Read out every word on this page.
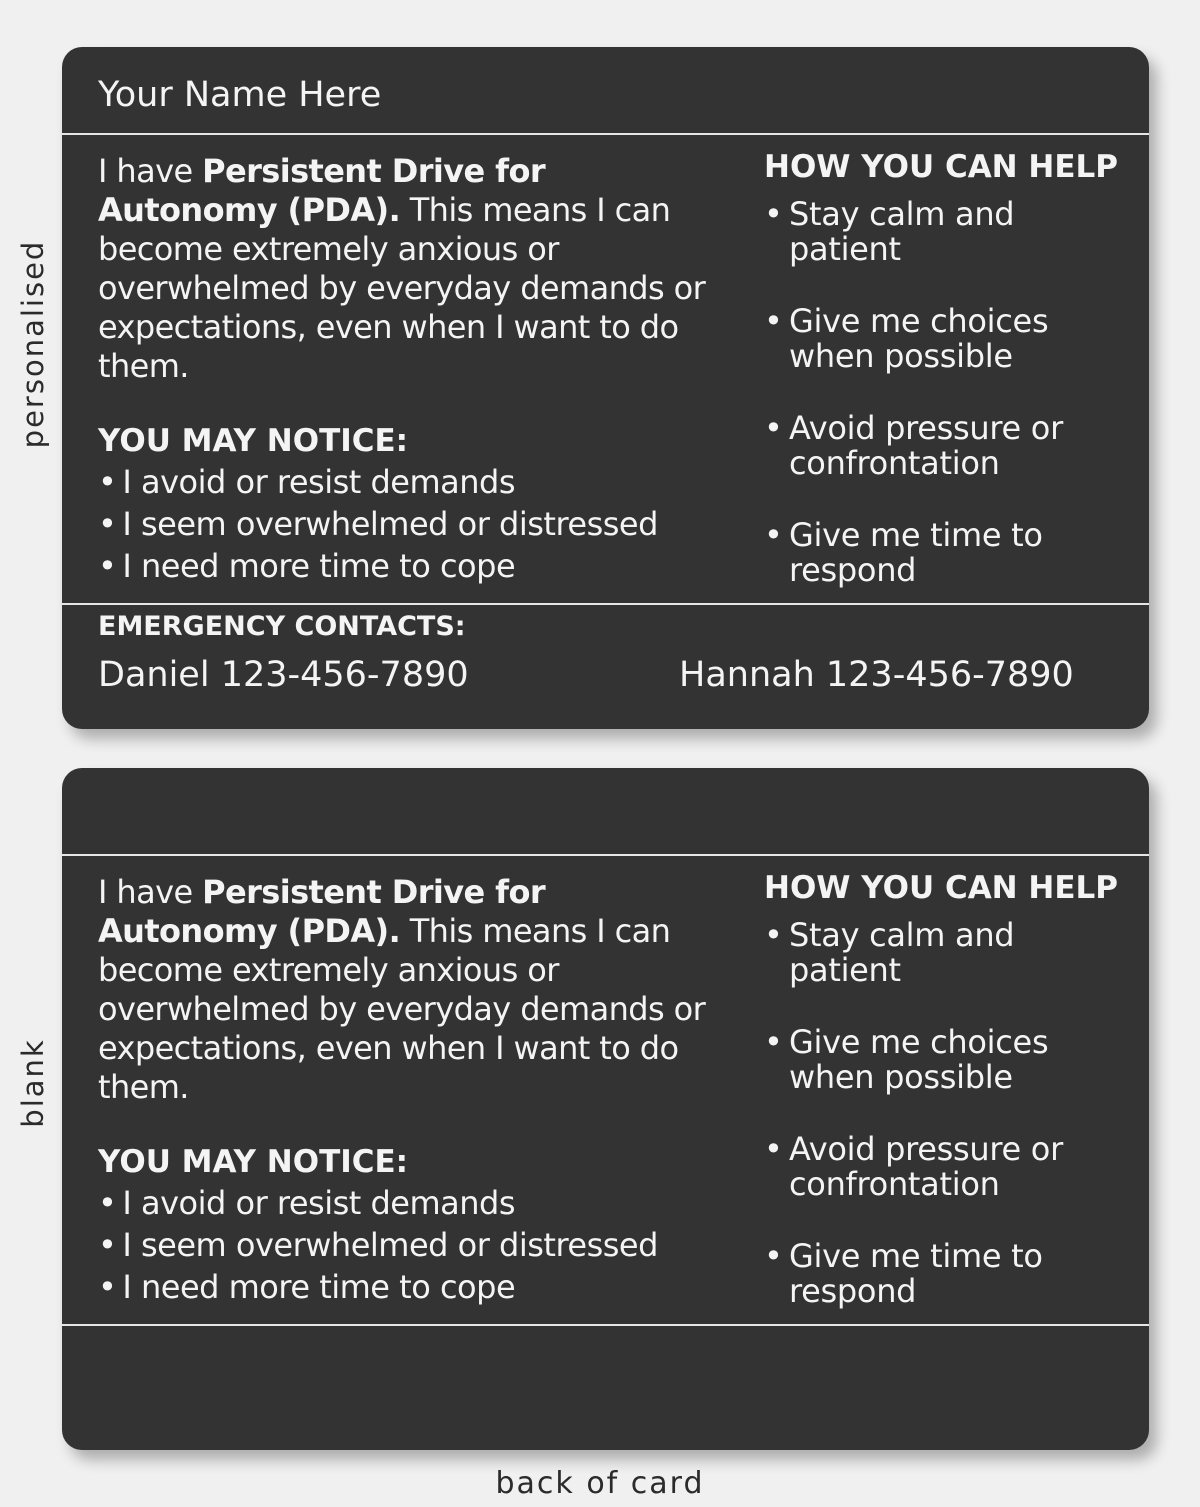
personalised
blank
Your Name Here
I have Persistent Drive for Autonomy (PDA). This means I can become extremely anxious or overwhelmed by everyday demands or expectations, even when I want to do them.
YOU MAY NOTICE:
• I avoid or resist demands
• I seem overwhelmed or distressed
• I need more time to cope
HOW YOU CAN HELP
• Stay calm and patient
• Give me choices when possible
• Avoid pressure or confrontation
• Give me time to respond
EMERGENCY CONTACTS:
Daniel 123-456-7890	Hannah 123-456-7890
I have Persistent Drive for Autonomy (PDA). This means I can become extremely anxious or overwhelmed by everyday demands or expectations, even when I want to do them.
YOU MAY NOTICE:
• I avoid or resist demands
• I seem overwhelmed or distressed
• I need more time to cope
HOW YOU CAN HELP
• Stay calm and patient
• Give me choices when possible
• Avoid pressure or confrontation
• Give me time to respond
back of card
